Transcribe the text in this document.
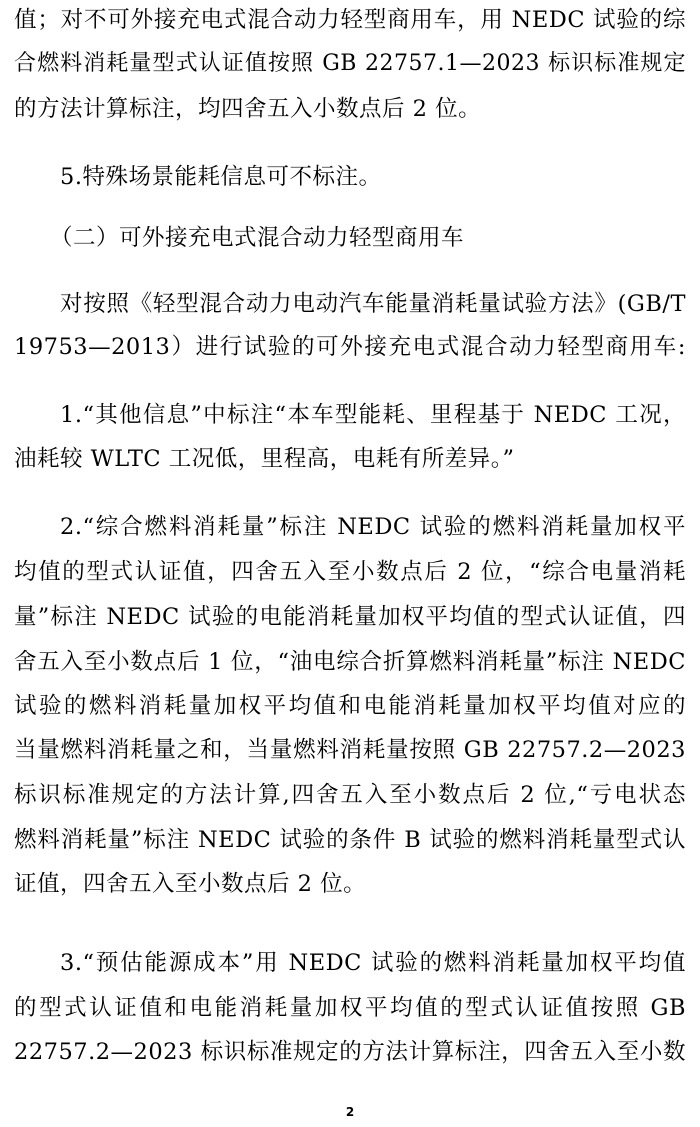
值；对不可外接充电式混合动力轻型商用车，用 NEDC 试验的综
合燃料消耗量型式认证值按照 GB 22757.1—2023 标识标准规定
的方法计算标注，均四舍五入小数点后 2 位。
5.特殊场景能耗信息可不标注。
（二）可外接充电式混合动力轻型商用车
对按照《轻型混合动力电动汽车能量消耗量试验方法》(GB/T
19753—2013）进行试验的可外接充电式混合动力轻型商用车:
1.“其他信息”中标注“本车型能耗、里程基于 NEDC 工况，
油耗较 WLTC 工况低，里程高，电耗有所差异。”
2.“综合燃料消耗量”标注 NEDC 试验的燃料消耗量加权平
均值的型式认证值，四舍五入至小数点后 2 位，“综合电量消耗
量”标注 NEDC 试验的电能消耗量加权平均值的型式认证值，四
舍五入至小数点后 1 位，“油电综合折算燃料消耗量”标注 NEDC
试验的燃料消耗量加权平均值和电能消耗量加权平均值对应的
当量燃料消耗量之和，当量燃料消耗量按照 GB 22757.2—2023
标识标准规定的方法计算,四舍五入至小数点后 2 位,“亏电状态
燃料消耗量”标注 NEDC 试验的条件 B 试验的燃料消耗量型式认
证值，四舍五入至小数点后 2 位。
3.“预估能源成本”用 NEDC 试验的燃料消耗量加权平均值
的型式认证值和电能消耗量加权平均值的型式认证值按照 GB
22757.2—2023 标识标准规定的方法计算标注，四舍五入至小数
2
